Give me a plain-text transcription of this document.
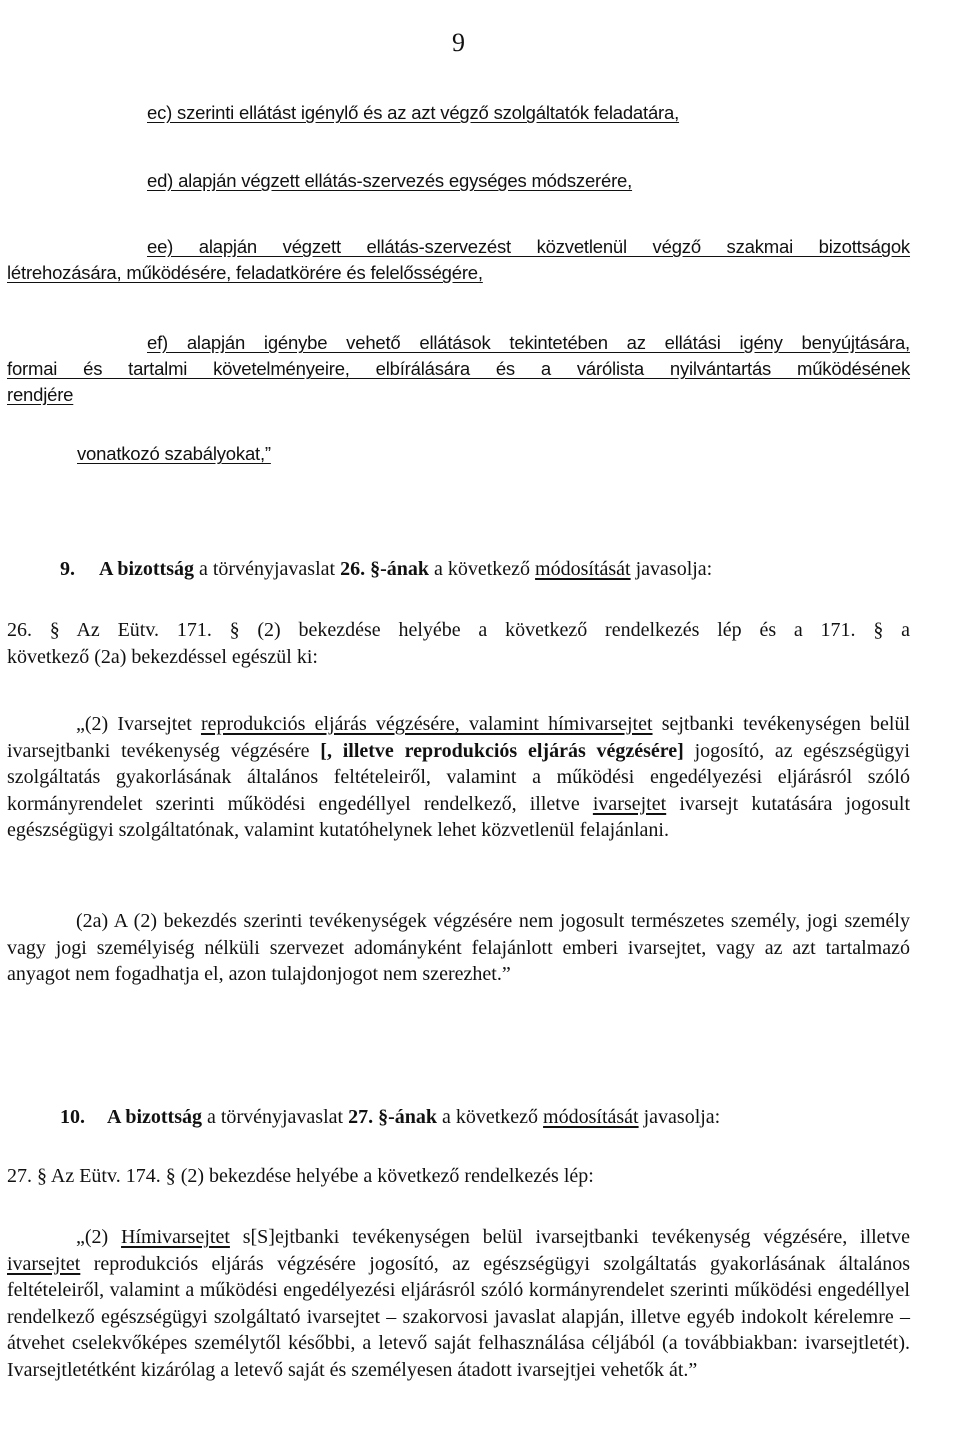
9
ec) szerinti ellátást igénylő és az azt végző szolgáltatók feladatára,
ed) alapján végzett ellátás-szervezés egységes módszerére,
ee) alapján végzett ellátás-szervezést közvetlenül végző szakmai bizottságok
létrehozására, működésére, feladatkörére és felelősségére,
ef) alapján igénybe vehető ellátások tekintetében az ellátási igény benyújtására,
formai és tartalmi követelményeire, elbírálására és a várólista nyilvántartás működésének
rendjére
vonatkozó szabályokat,”
9. A bizottság a törvényjavaslat 26. §-ának a következő módosítását javasolja:
26. § Az Eütv. 171. § (2) bekezdése helyébe a következő rendelkezés lép és a 171. § a
következő (2a) bekezdéssel egészül ki:
„(2) Ivarsejtet reprodukciós eljárás végzésére, valamint hímivarsejtet sejtbanki tevékenységen belül ivarsejtbanki tevékenység végzésére [, illetve reprodukciós eljárás végzésére] jogosító, az egészségügyi szolgáltatás gyakorlásának általános feltételeiről, valamint a működési engedélyezési eljárásról szóló kormányrendelet szerinti működési engedéllyel rendelkező, illetve ivarsejtet ivarsejt kutatására jogosult egészségügyi szolgáltatónak, valamint kutatóhelynek lehet közvetlenül felajánlani.
(2a) A (2) bekezdés szerinti tevékenységek végzésére nem jogosult természetes személy, jogi személy vagy jogi személyiség nélküli szervezet adományként felajánlott emberi ivarsejtet, vagy az azt tartalmazó anyagot nem fogadhatja el, azon tulajdonjogot nem szerezhet.”
10. A bizottság a törvényjavaslat 27. §-ának a következő módosítását javasolja:
27. § Az Eütv. 174. § (2) bekezdése helyébe a következő rendelkezés lép:
„(2) Hímivarsejtet s[S]ejtbanki tevékenységen belül ivarsejtbanki tevékenység végzésére, illetve ivarsejtet reprodukciós eljárás végzésére jogosító, az egészségügyi szolgáltatás gyakorlásának általános feltételeiről, valamint a működési engedélyezési eljárásról szóló kormányrendelet szerinti működési engedéllyel rendelkező egészségügyi szolgáltató ivarsejtet – szakorvosi javaslat alapján, illetve egyéb indokolt kérelemre – átvehet cselekvőképes személytől későbbi, a letevő saját felhasználása céljából (a továbbiakban: ivarsejtletét). Ivarsejtletétként kizárólag a letevő saját és személyesen átadott ivarsejtjei vehetők át.”
